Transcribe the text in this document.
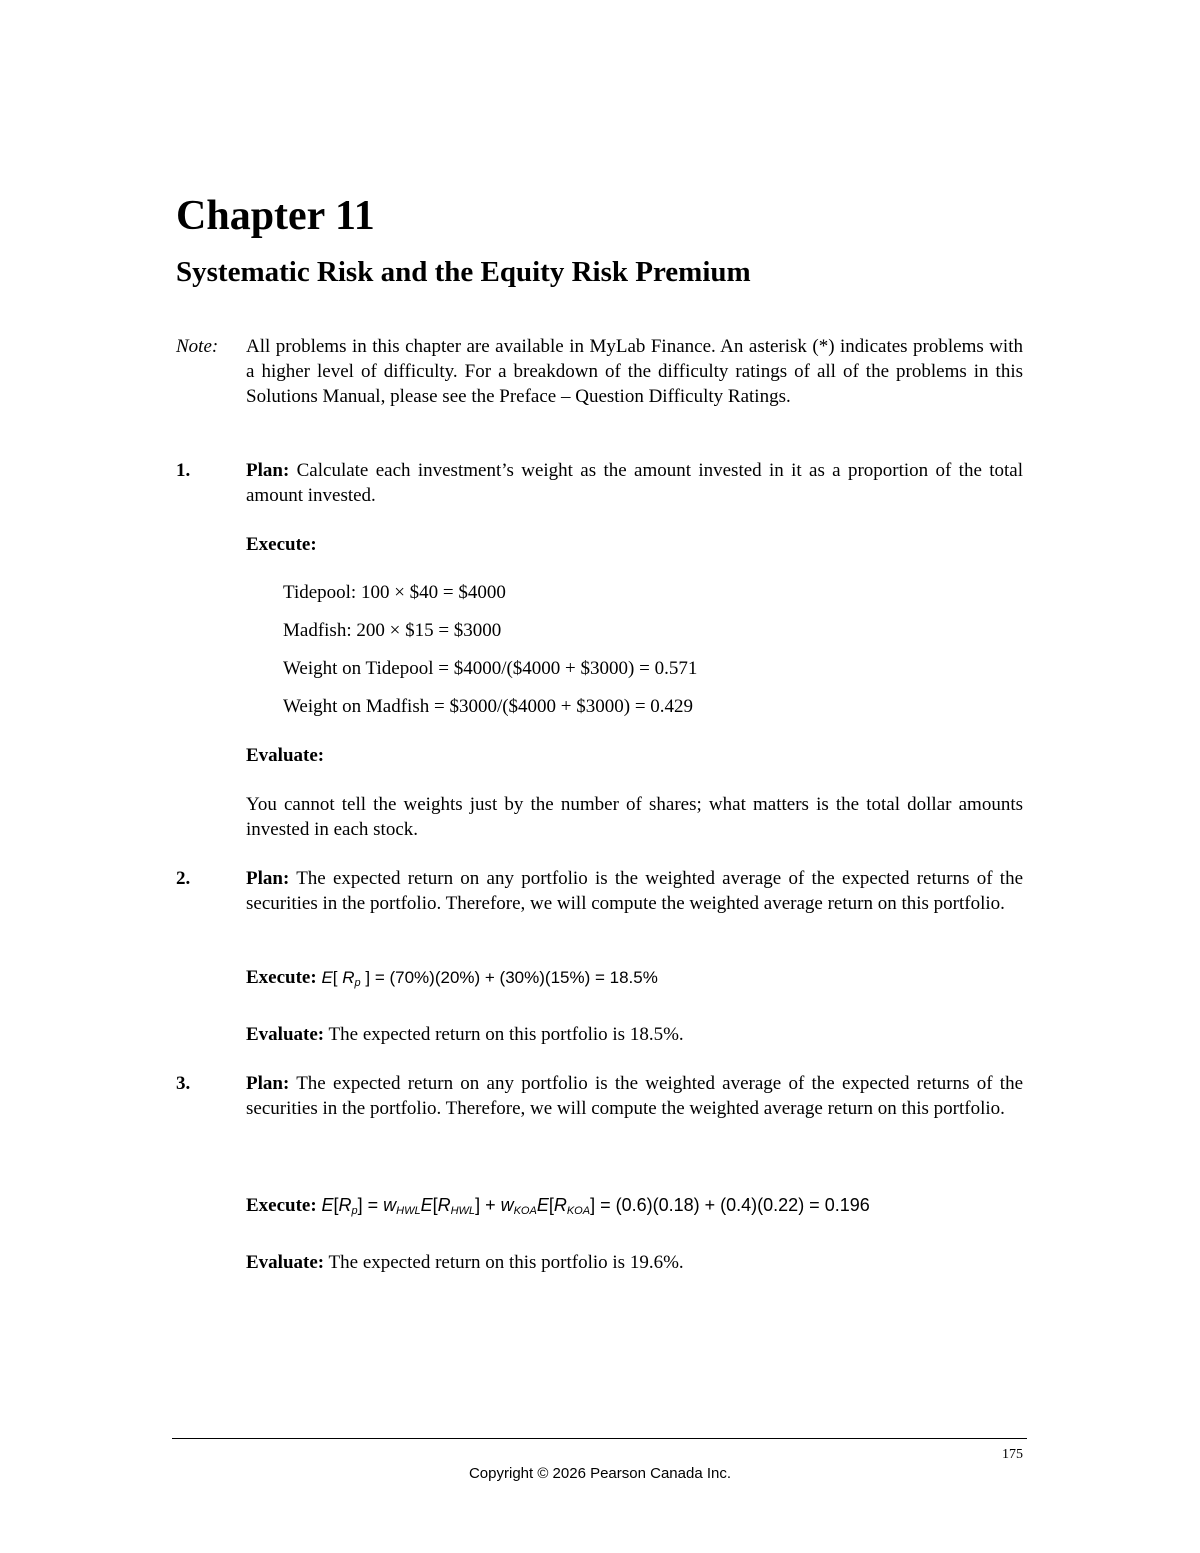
Chapter 11
Systematic Risk and the Equity Risk Premium
Note: All problems in this chapter are available in MyLab Finance. An asterisk (*) indicates problems with a higher level of difficulty. For a breakdown of the difficulty ratings of all of the problems in this Solutions Manual, please see the Preface – Question Difficulty Ratings.
1.	Plan: Calculate each investment’s weight as the amount invested in it as a proportion of the total amount invested.
Execute:
Tidepool: 100 × $40 = $4000
Madfish: 200 × $15 = $3000
Weight on Tidepool = $4000/($4000 + $3000) = 0.571
Weight on Madfish = $3000/($4000 + $3000) = 0.429
Evaluate:
You cannot tell the weights just by the number of shares; what matters is the total dollar amounts invested in each stock.
2.	Plan: The expected return on any portfolio is the weighted average of the expected returns of the securities in the portfolio. Therefore, we will compute the weighted average return on this portfolio.
Execute: E[ $R_p$ ] = (70%)(20%) + (30%)(15%) = 18.5%
Evaluate: The expected return on this portfolio is 18.5%.
3.	Plan: The expected return on any portfolio is the weighted average of the expected returns of the securities in the portfolio. Therefore, we will compute the weighted average return on this portfolio.
Execute: $E[R_p] = w_{HWL}E[R_{HWL}] + w_{KOA}E[R_{KOA}] = (0.6)(0.18) + (0.4)(0.22) = 0.196$
Evaluate: The expected return on this portfolio is 19.6%.
175
Copyright © 2026 Pearson Canada Inc.
